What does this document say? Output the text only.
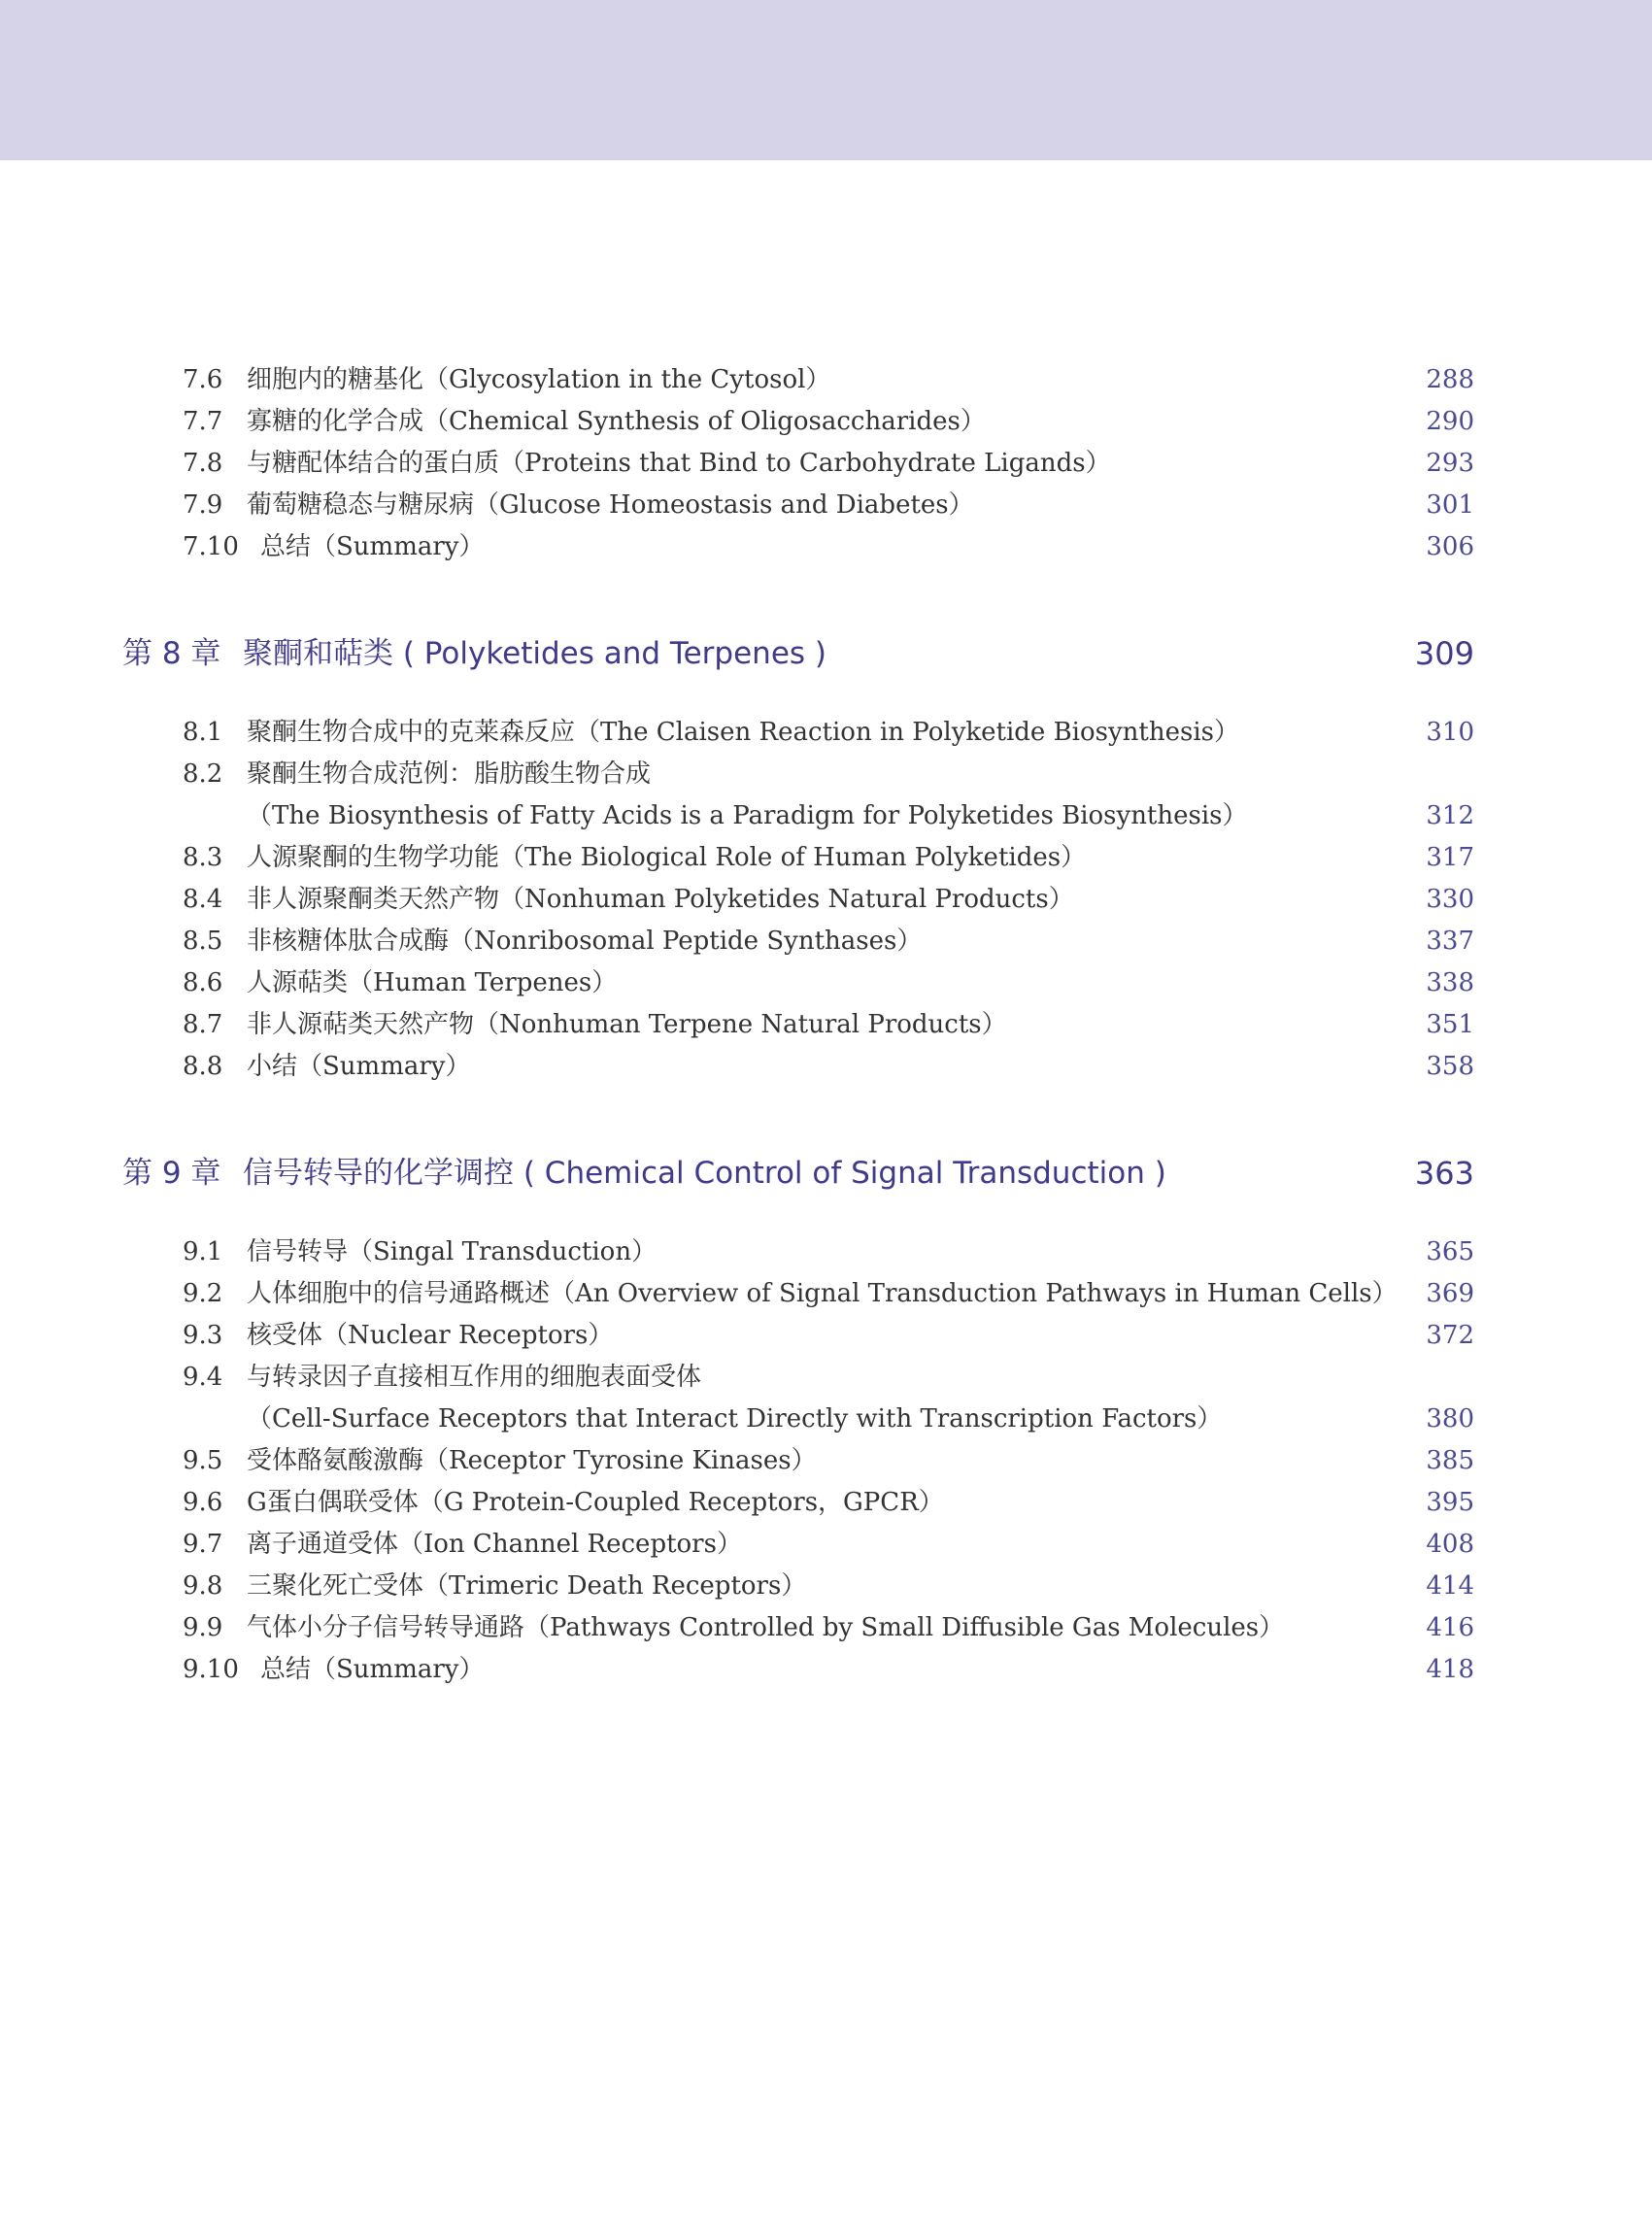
7.6 细胞内的糖基化（Glycosylation in the Cytosol）	288
7.7 寡糖的化学合成（Chemical Synthesis of Oligosaccharides）	290
7.8 与糖配体结合的蛋白质（Proteins that Bind to Carbohydrate Ligands）	293
7.9 葡萄糖稳态与糖尿病（Glucose Homeostasis and Diabetes）	301
7.10 总结（Summary）	306
第 8 章 聚酮和萜类 ( Polyketides and Terpenes )	309
8.1 聚酮生物合成中的克莱森反应（The Claisen Reaction in Polyketide Biosynthesis）	310
8.2 聚酮生物合成范例：脂肪酸生物合成
（The Biosynthesis of Fatty Acids is a Paradigm for Polyketides Biosynthesis）	312
8.3 人源聚酮的生物学功能（The Biological Role of Human Polyketides）	317
8.4 非人源聚酮类天然产物（Nonhuman Polyketides Natural Products）	330
8.5 非核糖体肽合成酶（Nonribosomal Peptide Synthases）	337
8.6 人源萜类（Human Terpenes）	338
8.7 非人源萜类天然产物（Nonhuman Terpene Natural Products）	351
8.8 小结（Summary）	358
第 9 章 信号转导的化学调控 ( Chemical Control of Signal Transduction )	363
9.1 信号转导（Singal Transduction）	365
9.2 人体细胞中的信号通路概述（An Overview of Signal Transduction Pathways in Human Cells） 369
9.3 核受体（Nuclear Receptors）	372
9.4 与转录因子直接相互作用的细胞表面受体
（Cell-Surface Receptors that Interact Directly with Transcription Factors）	380
9.5 受体酪氨酸激酶（Receptor Tyrosine Kinases）	385
9.6 G蛋白偶联受体（G Protein-Coupled Receptors，GPCR）	395
9.7 离子通道受体（Ion Channel Receptors）	408
9.8 三聚化死亡受体（Trimeric Death Receptors）	414
9.9 气体小分子信号转导通路（Pathways Controlled by Small Diffusible Gas Molecules）	416
9.10 总结（Summary）	418
